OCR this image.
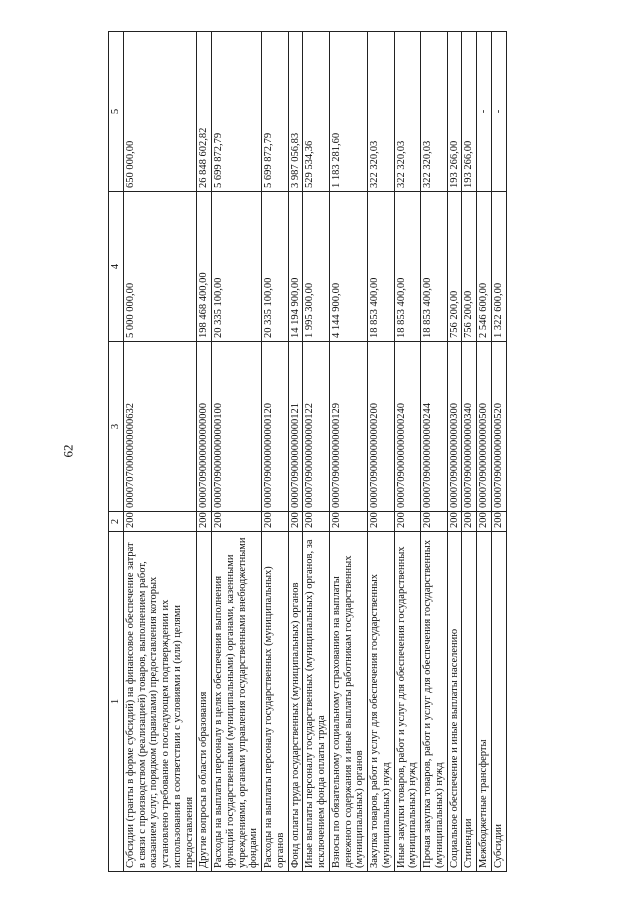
62
1	2	3	4	5
Субсидии (гранты в форме субсидий) на финансовое обеспечение затрат в связи с производством (реализацией) товаров, выполнением работ, оказанием услуг, порядком (правилами) предоставления которых установлено требование о последующем подтверждении их использования в соответствии с условиями и (или) целями предоставления	200	00007070000000000632	5 000 000,00	650 000,00
Другие вопросы в области образования	200	00007090000000000000	198 468 400,00	26 848 602,82
Расходы на выплаты персоналу в целях обеспечения выполнения функций государственными (муниципальными) органами, казенными учреждениями, органами управления государственными внебюджетными фондами	200	00007090000000000100	20 335 100,00	5 699 872,79
Расходы на выплаты персоналу государственных (муниципальных) органов	200	00007090000000000120	20 335 100,00	5 699 872,79
Фонд оплаты труда государственных (муниципальных) органов	200	00007090000000000121	14 194 900,00	3 987 056,83
Иные выплаты персоналу государственных (муниципальных) органов, за исключением фонда оплаты труда	200	00007090000000000122	1 995 300,00	529 534,36
Взносы по обязательному социальному страхованию на выплаты денежного содержания и иные выплаты работникам государственных (муниципальных) органов	200	00007090000000000129	4 144 900,00	1 183 281,60
Закупка товаров, работ и услуг для обеспечения государственных (муниципальных) нужд	200	00007090000000000200	18 853 400,00	322 320,03
Иные закупки товаров, работ и услуг для обеспечения государственных (муниципальных) нужд	200	00007090000000000240	18 853 400,00	322 320,03
Прочая закупка товаров, работ и услуг для обеспечения государственных (муниципальных) нужд	200	00007090000000000244	18 853 400,00	322 320,03
Социальное обеспечение и иные выплаты населению	200	00007090000000000300	756 200,00	193 266,00
Стипендии	200	00007090000000000340	756 200,00	193 266,00
Межбюджетные трансферты	200	00007090000000000500	2 546 600,00	-
Субсидии	200	00007090000000000520	1 322 600,00	-
